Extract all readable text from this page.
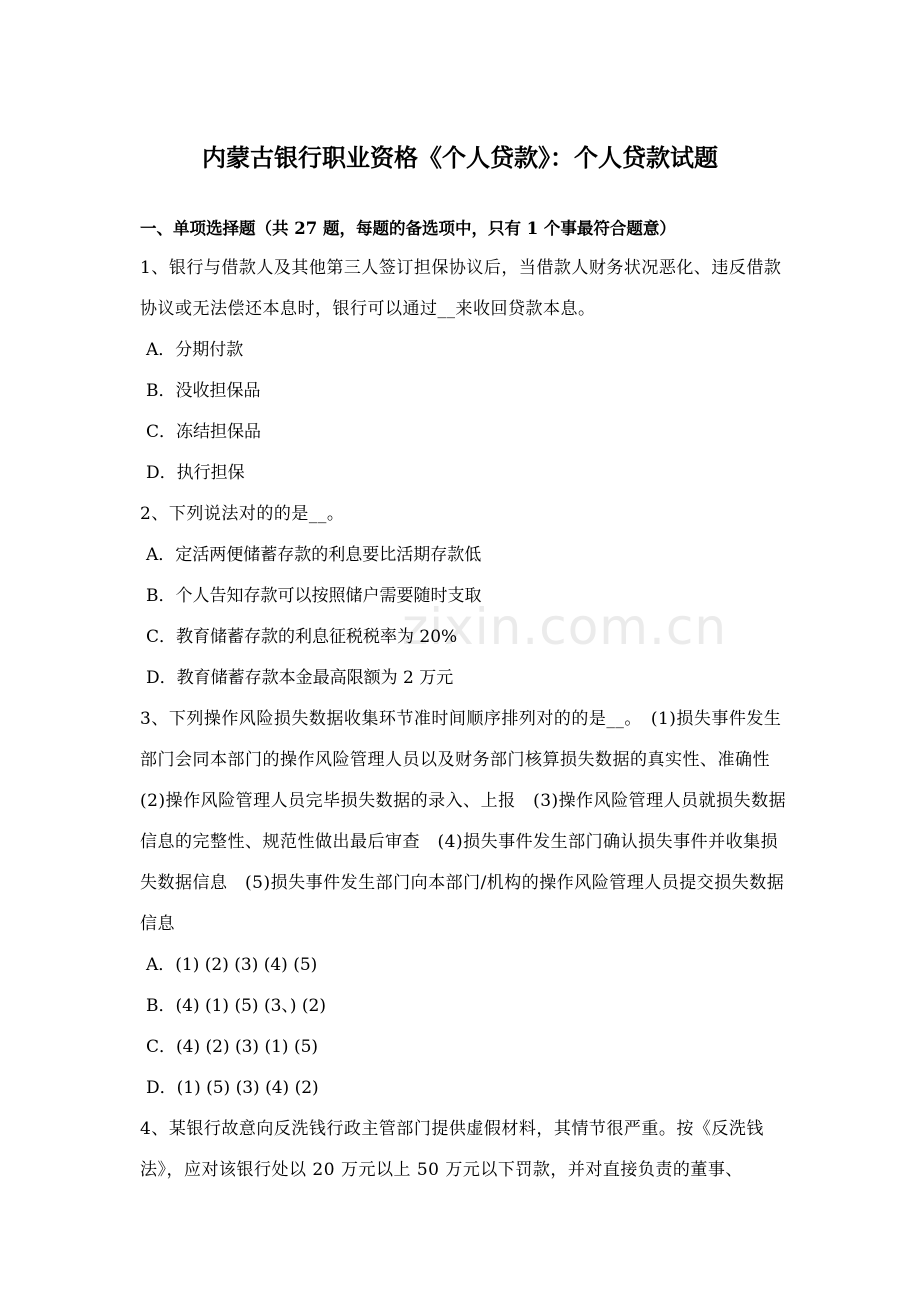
zixin.com.cn
内蒙古银行职业资格《个人贷款》：个人贷款试题
一、单项选择题（共 27 题，每题的备选项中，只有 1 个事最符合题意）

1、银行与借款人及其他第三人签订担保协议后，当借款人财务状况恶化、违反借款协议或无法偿还本息时，银行可以通过__来收回贷款本息。

A．分期付款

B．没收担保品

C．冻结担保品

D．执行担保

2、下列说法对的的是__。

A．定活两便储蓄存款的利息要比活期存款低

B．个人告知存款可以按照储户需要随时支取

C．教育储蓄存款的利息征税税率为 20%

D．教育储蓄存款本金最高限额为 2 万元

3、下列操作风险损失数据收集环节准时间顺序排列对的的是__。　(1)损失事件发生部门会同本部门的操作风险管理人员以及财务部门核算损失数据的真实性、准确性　(2)操作风险管理人员完毕损失数据的录入、上报　(3)操作风险管理人员就损失数据信息的完整性、规范性做出最后审查　(4)损失事件发生部门确认损失事件并收集损失数据信息　(5)损失事件发生部门向本部门/机构的操作风险管理人员提交损失数据信息

A．(1) (2) (3) (4) (5)

B．(4) (1) (5) (3、) (2)

C．(4) (2) (3) (1) (5)

D．(1) (5) (3) (4) (2)

4、某银行故意向反洗钱行政主管部门提供虚假材料，其情节很严重。按《反洗钱法》，应对该银行处以 20 万元以上 50 万元以下罚款，并对直接负责的董事、
